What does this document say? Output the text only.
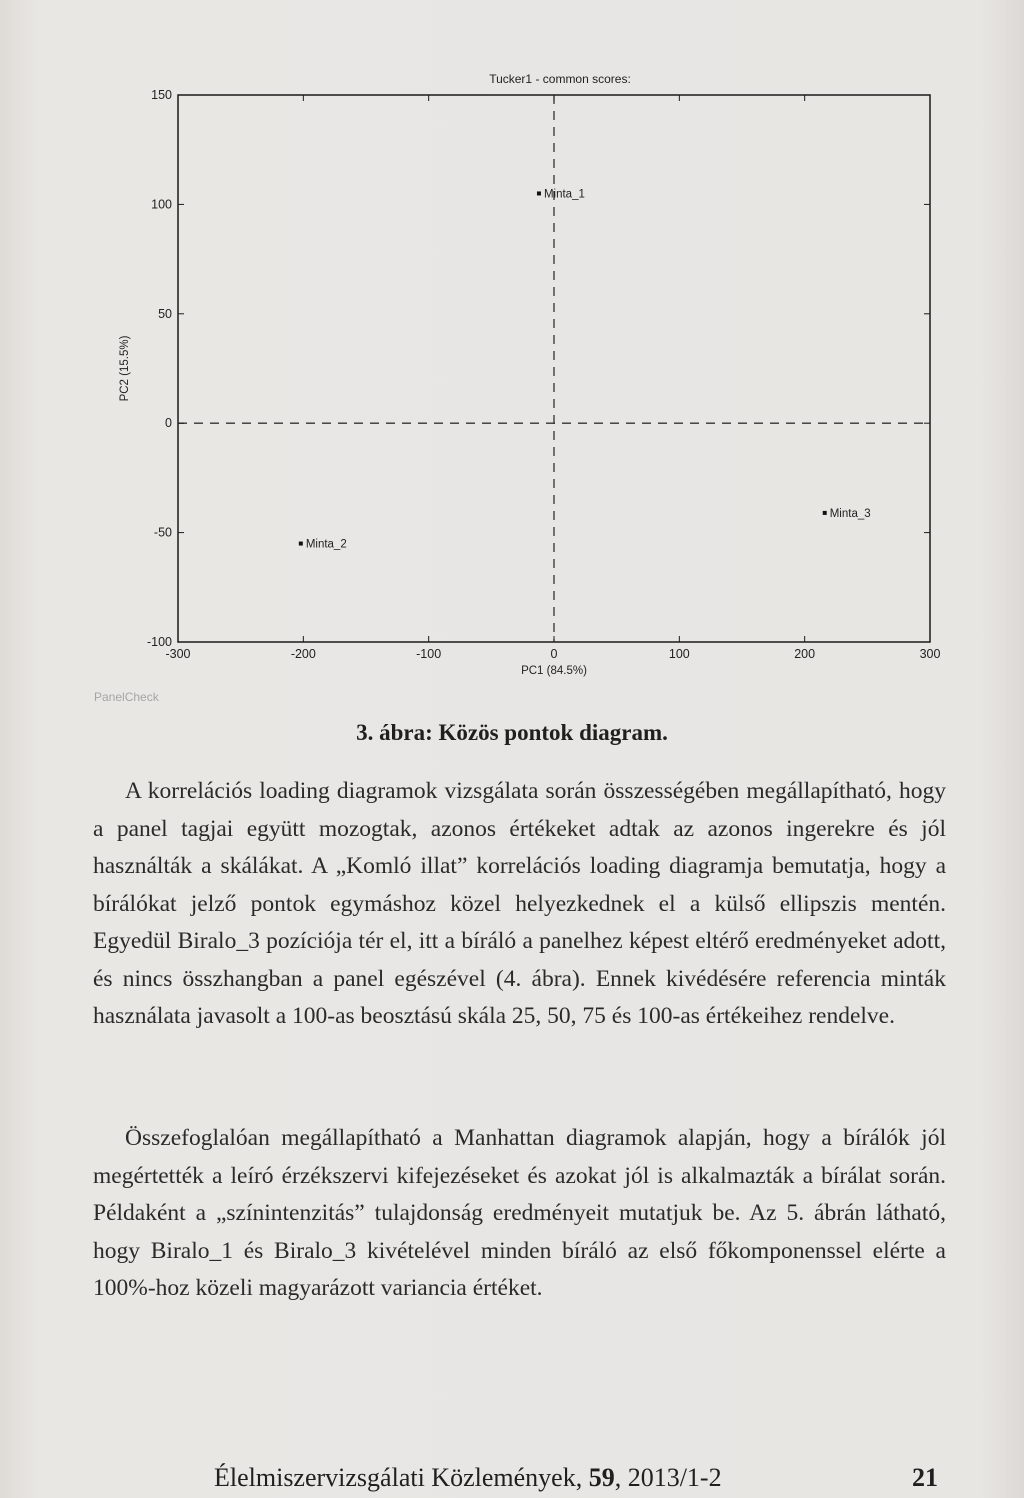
Tucker1 - common scores:
-300	-200	-100	0	100	200	300
-100
-50
0
50
100
150
PC1 (84.5%)
PC2 (15.5%)
Minta_1
Minta_2
Minta_3
PanelCheck
3. ábra: Közös pontok diagram.
A korrelációs loading diagramok vizsgálata során összességében megállapítható, hogy a panel tagjai együtt mozogtak, azonos értékeket adtak az azonos ingerekre és jól használták a skálákat. A „Komló illat” korrelációs loading diagramja bemutatja, hogy a bírálókat jelző pontok egymáshoz közel helyezkednek el a külső ellipszis mentén. Egyedül Biralo_3 pozíciója tér el, itt a bíráló a panelhez képest eltérő eredményeket adott, és nincs összhangban a panel egészével (4. ábra). Ennek kivédésére referencia minták használata javasolt a 100-as beosztású skála 25, 50, 75 és 100-as értékeihez rendelve.
Összefoglalóan megállapítható a Manhattan diagramok alapján, hogy a bírálók jól megértették a leíró érzékszervi kifejezéseket és azokat jól is alkalmazták a bírálat során. Példaként a „színintenzitás” tulajdonság eredményeit mutatjuk be. Az 5. ábrán látható, hogy Biralo_1 és Biralo_3 kivételével minden bíráló az első főkomponenssel elérte a 100%-hoz közeli magyarázott variancia értéket.
Élelmiszervizsgálati Közlemények, 59, 2013/1-2	21
